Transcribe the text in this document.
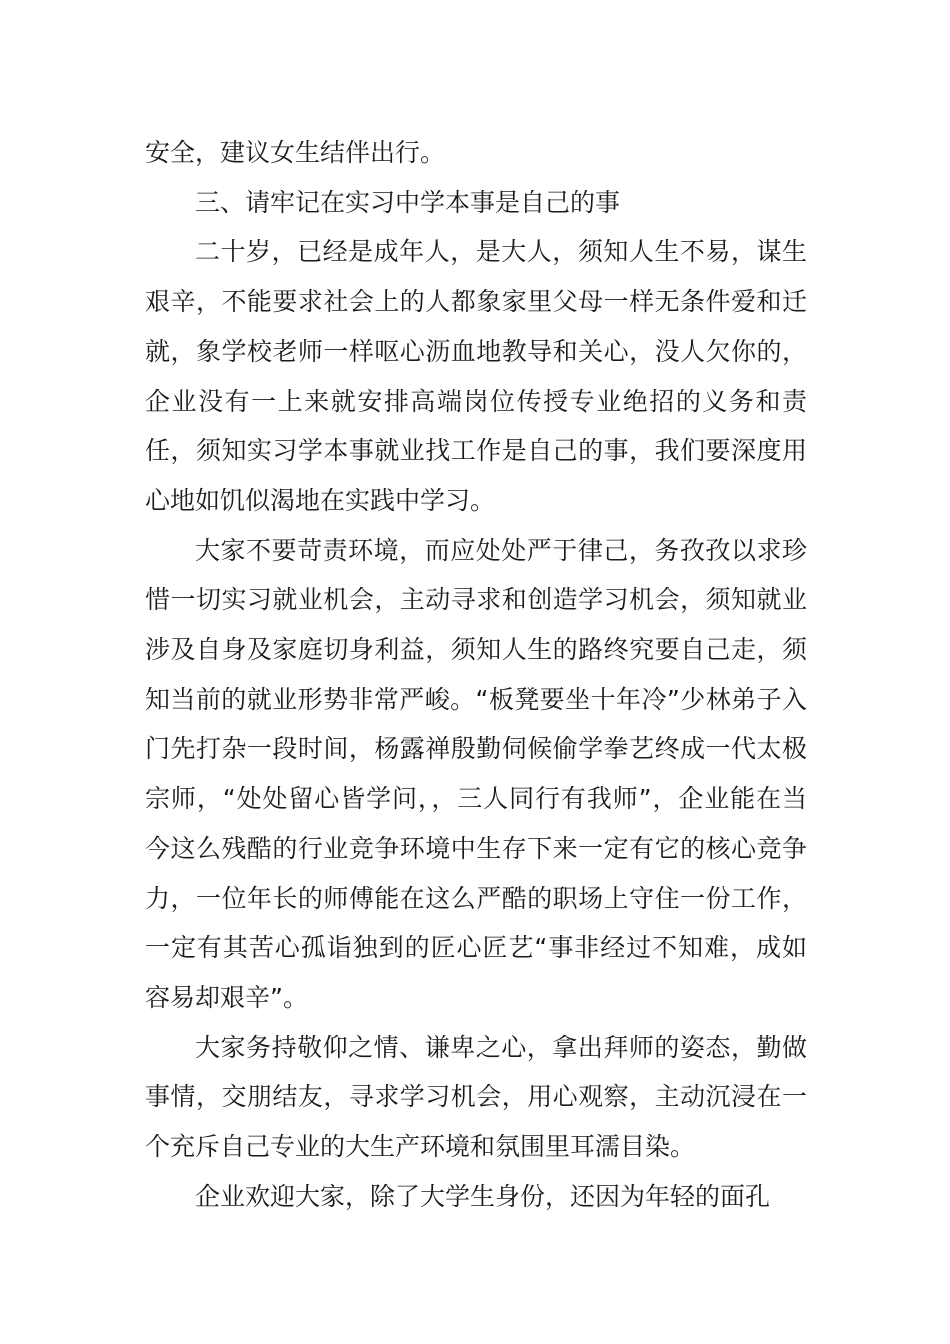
安全，建议女生结伴出行。

三、请牢记在实习中学本事是自己的事

二十岁，已经是成年人，是大人，须知人生不易，谋生艰辛，不能要求社会上的人都象家里父母一样无条件爱和迁就，象学校老师一样呕心沥血地教导和关心，没人欠你的，企业没有一上来就安排高端岗位传授专业绝招的义务和责任，须知实习学本事就业找工作是自己的事，我们要深度用心地如饥似渴地在实践中学习。

大家不要苛责环境，而应处处严于律己，务孜孜以求珍惜一切实习就业机会，主动寻求和创造学习机会，须知就业涉及自身及家庭切身利益，须知人生的路终究要自己走，须知当前的就业形势非常严峻。“板凳要坐十年冷”少林弟子入门先打杂一段时间，杨露禅殷勤伺候偷学拳艺终成一代太极宗师，“处处留心皆学问，，三人同行有我师”，企业能在当今这么残酷的行业竞争环境中生存下来一定有它的核心竞争力，一位年长的师傅能在这么严酷的职场上守住一份工作，一定有其苦心孤诣独到的匠心匠艺“事非经过不知难，成如容易却艰辛”。

大家务持敬仰之情、谦卑之心，拿出拜师的姿态，勤做事情，交朋结友，寻求学习机会，用心观察，主动沉浸在一个充斥自己专业的大生产环境和氛围里耳濡目染。

企业欢迎大家，除了大学生身份，还因为年轻的面孔
